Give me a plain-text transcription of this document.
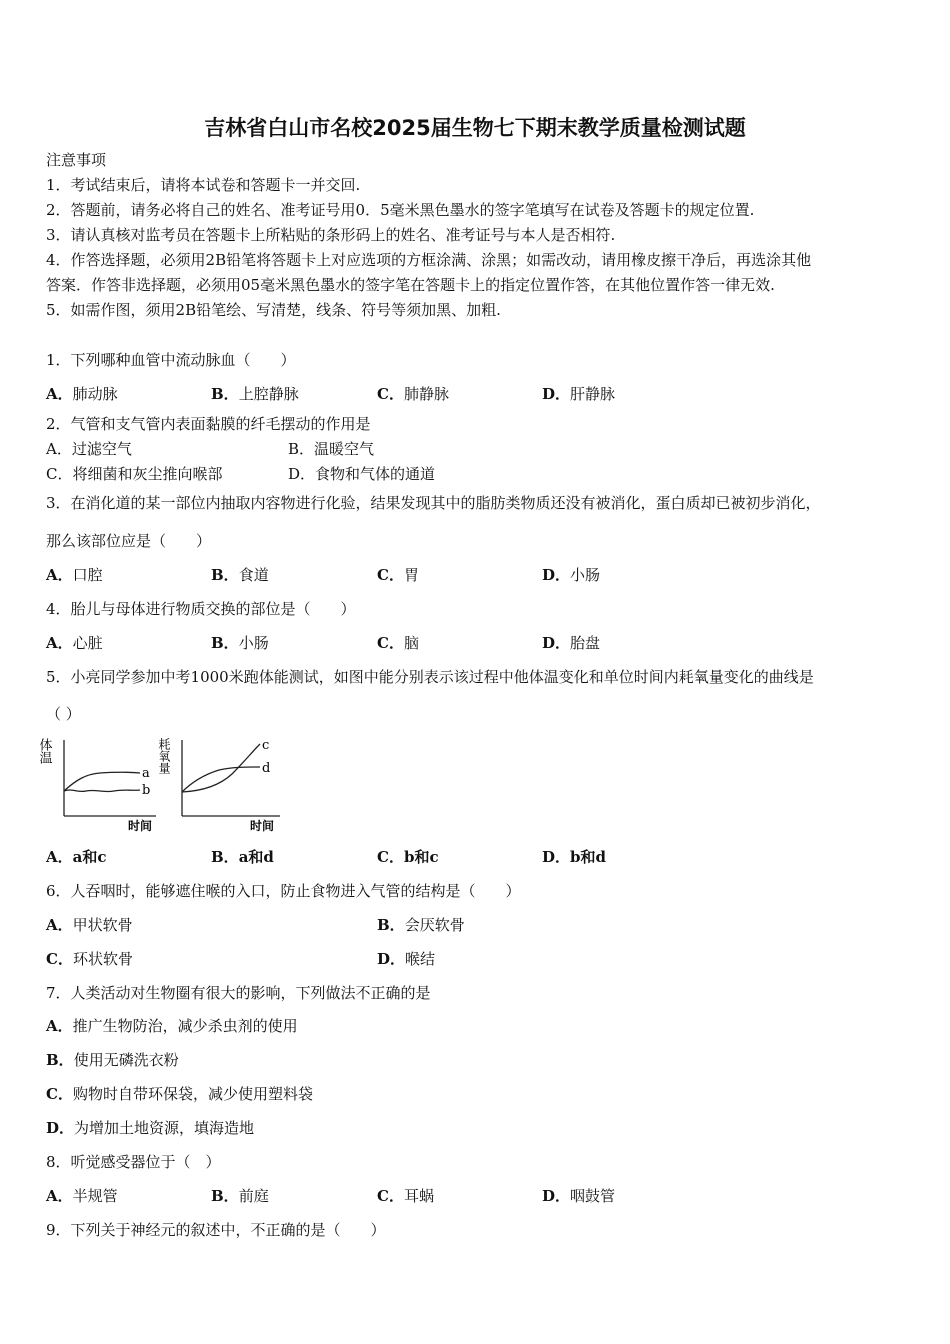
吉林省白山市名校2025届生物七下期末教学质量检测试题
注意事项
1．考试结束后，请将本试卷和答题卡一并交回.
2．答题前，请务必将自己的姓名、准考证号用0．5毫米黑色墨水的签字笔填写在试卷及答题卡的规定位置.
3．请认真核对监考员在答题卡上所粘贴的条形码上的姓名、准考证号与本人是否相符.
4．作答选择题，必须用2B铅笔将答题卡上对应选项的方框涂满、涂黑；如需改动，请用橡皮擦干净后，再选涂其他
答案．作答非选择题，必须用05毫米黑色墨水的签字笔在答题卡上的指定位置作答，在其他位置作答一律无效.
5．如需作图，须用2B铅笔绘、写清楚，线条、符号等须加黑、加粗.
1．下列哪种血管中流动脉血（　　）
A．肺动脉	B．上腔静脉	C．肺静脉	D．肝静脉
2．气管和支气管内表面黏膜的纤毛摆动的作用是
A．过滤空气	B．温暖空气
C．将细菌和灰尘推向喉部	D．食物和气体的通道
3．在消化道的某一部位内抽取内容物进行化验，结果发现其中的脂肪类物质还没有被消化，蛋白质却已被初步消化，
那么该部位应是（　　）
A．口腔	B．食道	C．胃	D．小肠
4．胎儿与母体进行物质交换的部位是（　　）
A．心脏	B．小肠	C．脑	D．胎盘
5．小亮同学参加中考1000米跑体能测试，如图中能分别表示该过程中他体温变化和单位时间内耗氧量变化的曲线是
（ ）
体温
a
b
时间
耗氧量	c
d
时间
A．a和c	B．a和d	C．b和c	D．b和d
6．人吞咽时，能够遮住喉的入口，防止食物进入气管的结构是（　　）
A．甲状软骨	B．会厌软骨
C．环状软骨	D．喉结
7．人类活动对生物圈有很大的影响，下列做法不正确的是
A．推广生物防治，减少杀虫剂的使用
B．使用无磷洗衣粉
C．购物时自带环保袋，减少使用塑料袋
D．为增加土地资源，填海造地
8．听觉感受器位于（　）
A．半规管	B．前庭	C．耳蜗	D．咽鼓管
9．下列关于神经元的叙述中，不正确的是（　　）
